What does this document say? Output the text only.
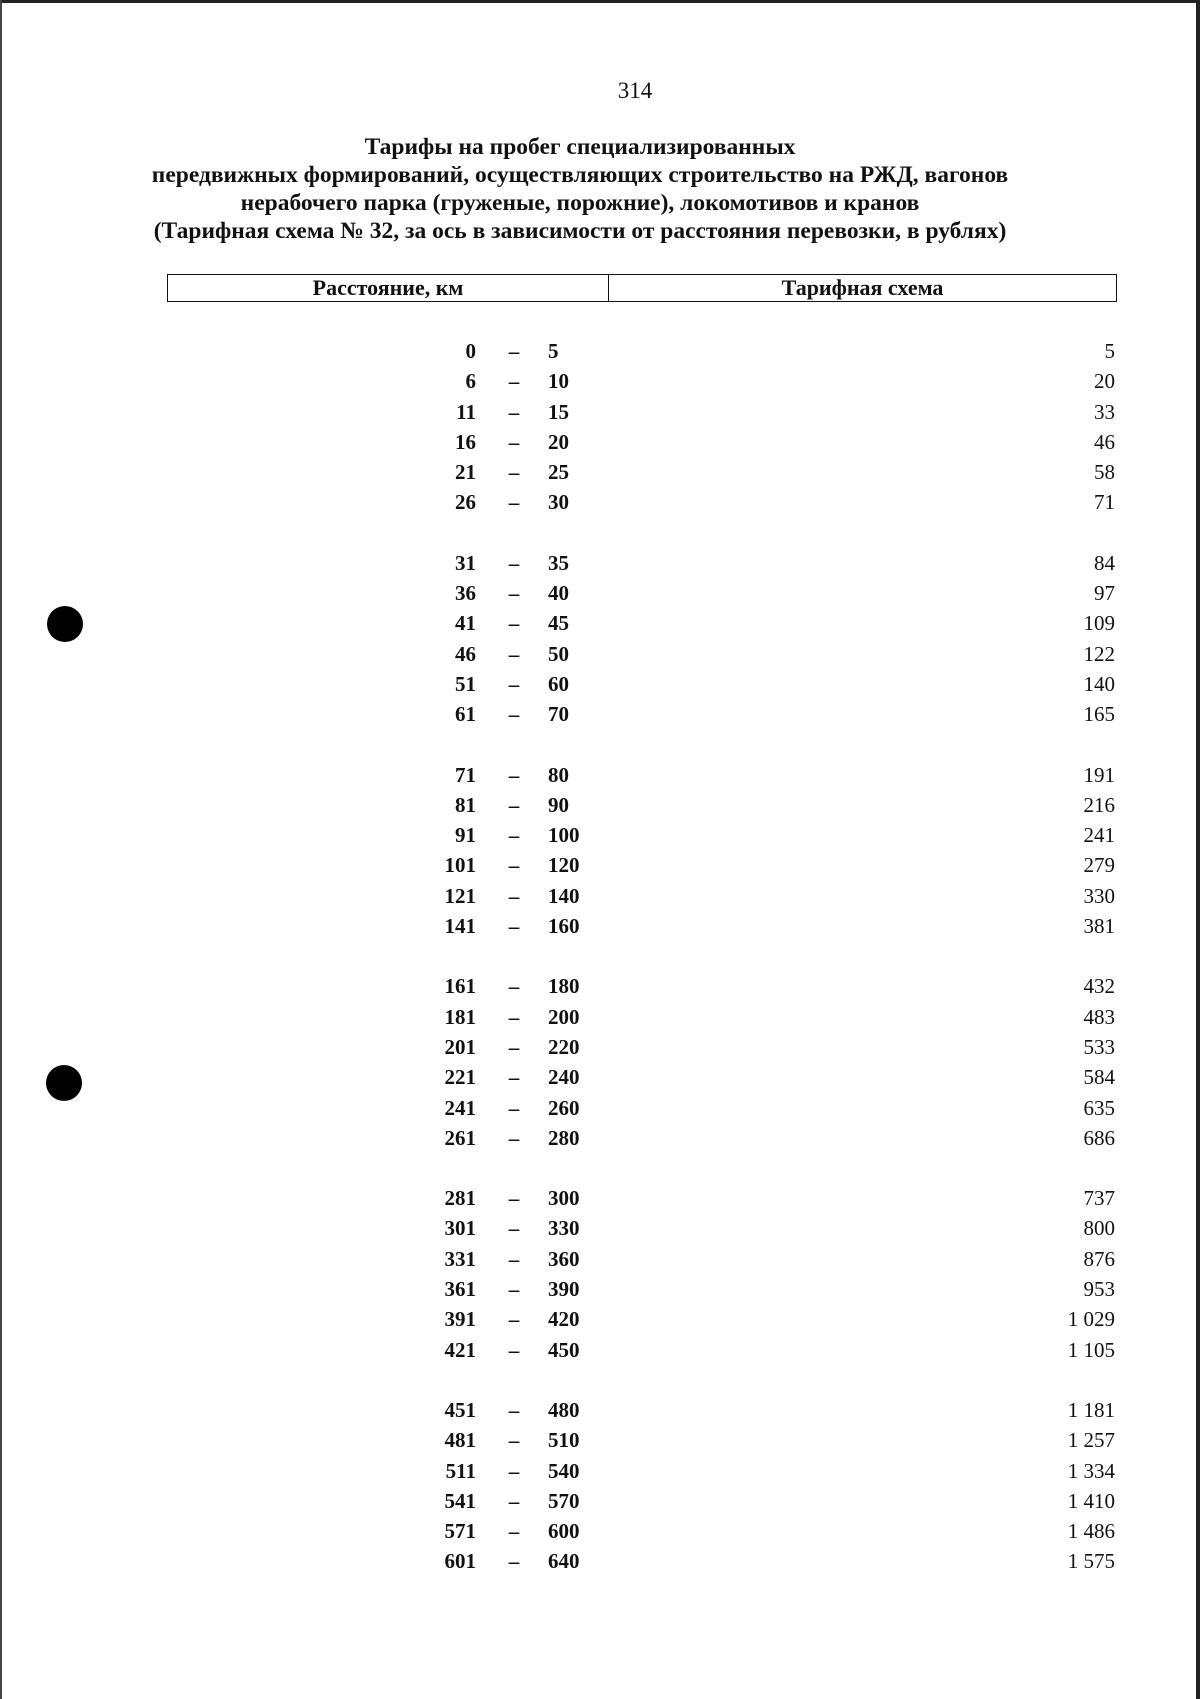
314
Тарифы на пробег специализированных
передвижных формирований, осуществляющих строительство на РЖД, вагонов
нерабочего парка (груженые, порожние), локомотивов и кранов
(Тарифная схема № 32, за ось в зависимости от расстояния перевозки, в рублях)
Расстояние, км	Тарифная схема
0	–	5	5
6	–	10	20
11	–	15	33
16	–	20	46
21	–	25	58
26	–	30	71
31	–	35	84
36	–	40	97
41	–	45	109
46	–	50	122
51	–	60	140
61	–	70	165
71	–	80	191
81	–	90	216
91	–	100	241
101	–	120	279
121	–	140	330
141	–	160	381
161	–	180	432
181	–	200	483
201	–	220	533
221	–	240	584
241	–	260	635
261	–	280	686
281	–	300	737
301	–	330	800
331	–	360	876
361	–	390	953
391	–	420	1 029
421	–	450	1 105
451	–	480	1 181
481	–	510	1 257
511	–	540	1 334
541	–	570	1 410
571	–	600	1 486
601	–	640	1 575
